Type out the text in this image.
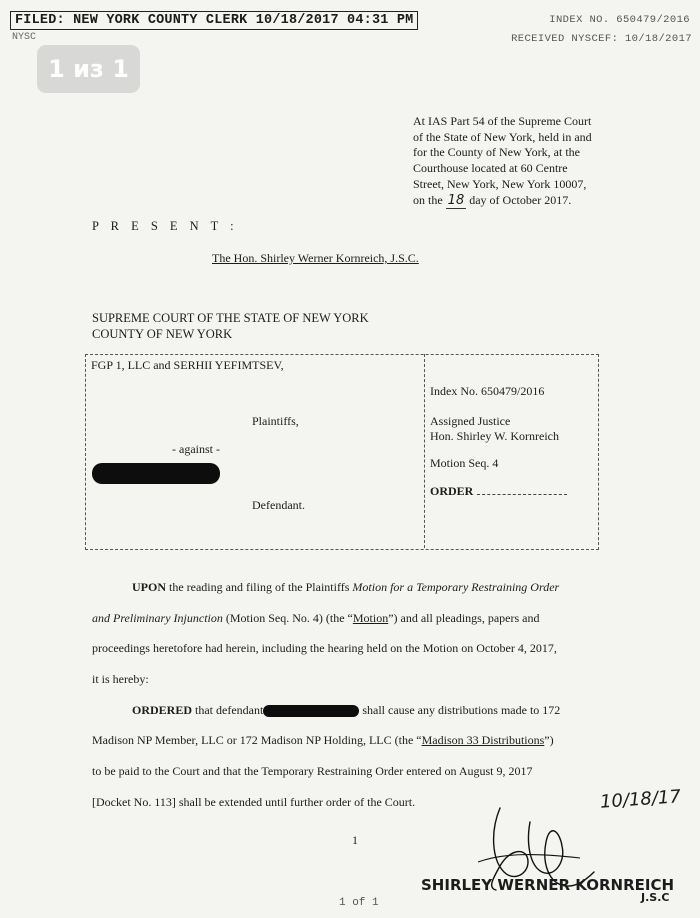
FILED: NEW YORK COUNTY CLERK 10/18/2017 04:31 PM
NYSC
INDEX NO. 650479/2016
RECEIVED NYSCEF: 10/18/2017
1 из 1
At IAS Part 54 of the Supreme Court
of the State of New York, held in and
for the County of New York, at the
Courthouse located at 60 Centre
Street, New York, New York 10007,
on the 18 day of October 2017.
P R E S E N T :
The Hon. Shirley Werner Kornreich, J.S.C.
SUPREME COURT OF THE STATE OF NEW YORK
COUNTY OF NEW YORK
FGP 1, LLC and SERHII YEFIMTSEV,
Plaintiffs,
- against -
Defendant.
Index No. 650479/2016
Assigned Justice
Hon. Shirley W. Kornreich
Motion Seq. 4
ORDER
UPON the reading and filing of the Plaintiffs Motion for a Temporary Restraining Order
and Preliminary Injunction (Motion Seq. No. 4) (the “Motion”) and all pleadings, papers and
proceedings heretofore had herein, including the hearing held on the Motion on October 4, 2017,
it is hereby:
ORDERED that defendant	shall cause any distributions made to 172
Madison NP Member, LLC or 172 Madison NP Holding, LLC (the “Madison 33 Distributions”)
to be paid to the Court and that the Temporary Restraining Order entered on August 9, 2017
[Docket No. 113] shall be extended until further order of the Court.
1
10/18/17
SHIRLEY WERNER KORNREICH
J.S.C
1 of 1
